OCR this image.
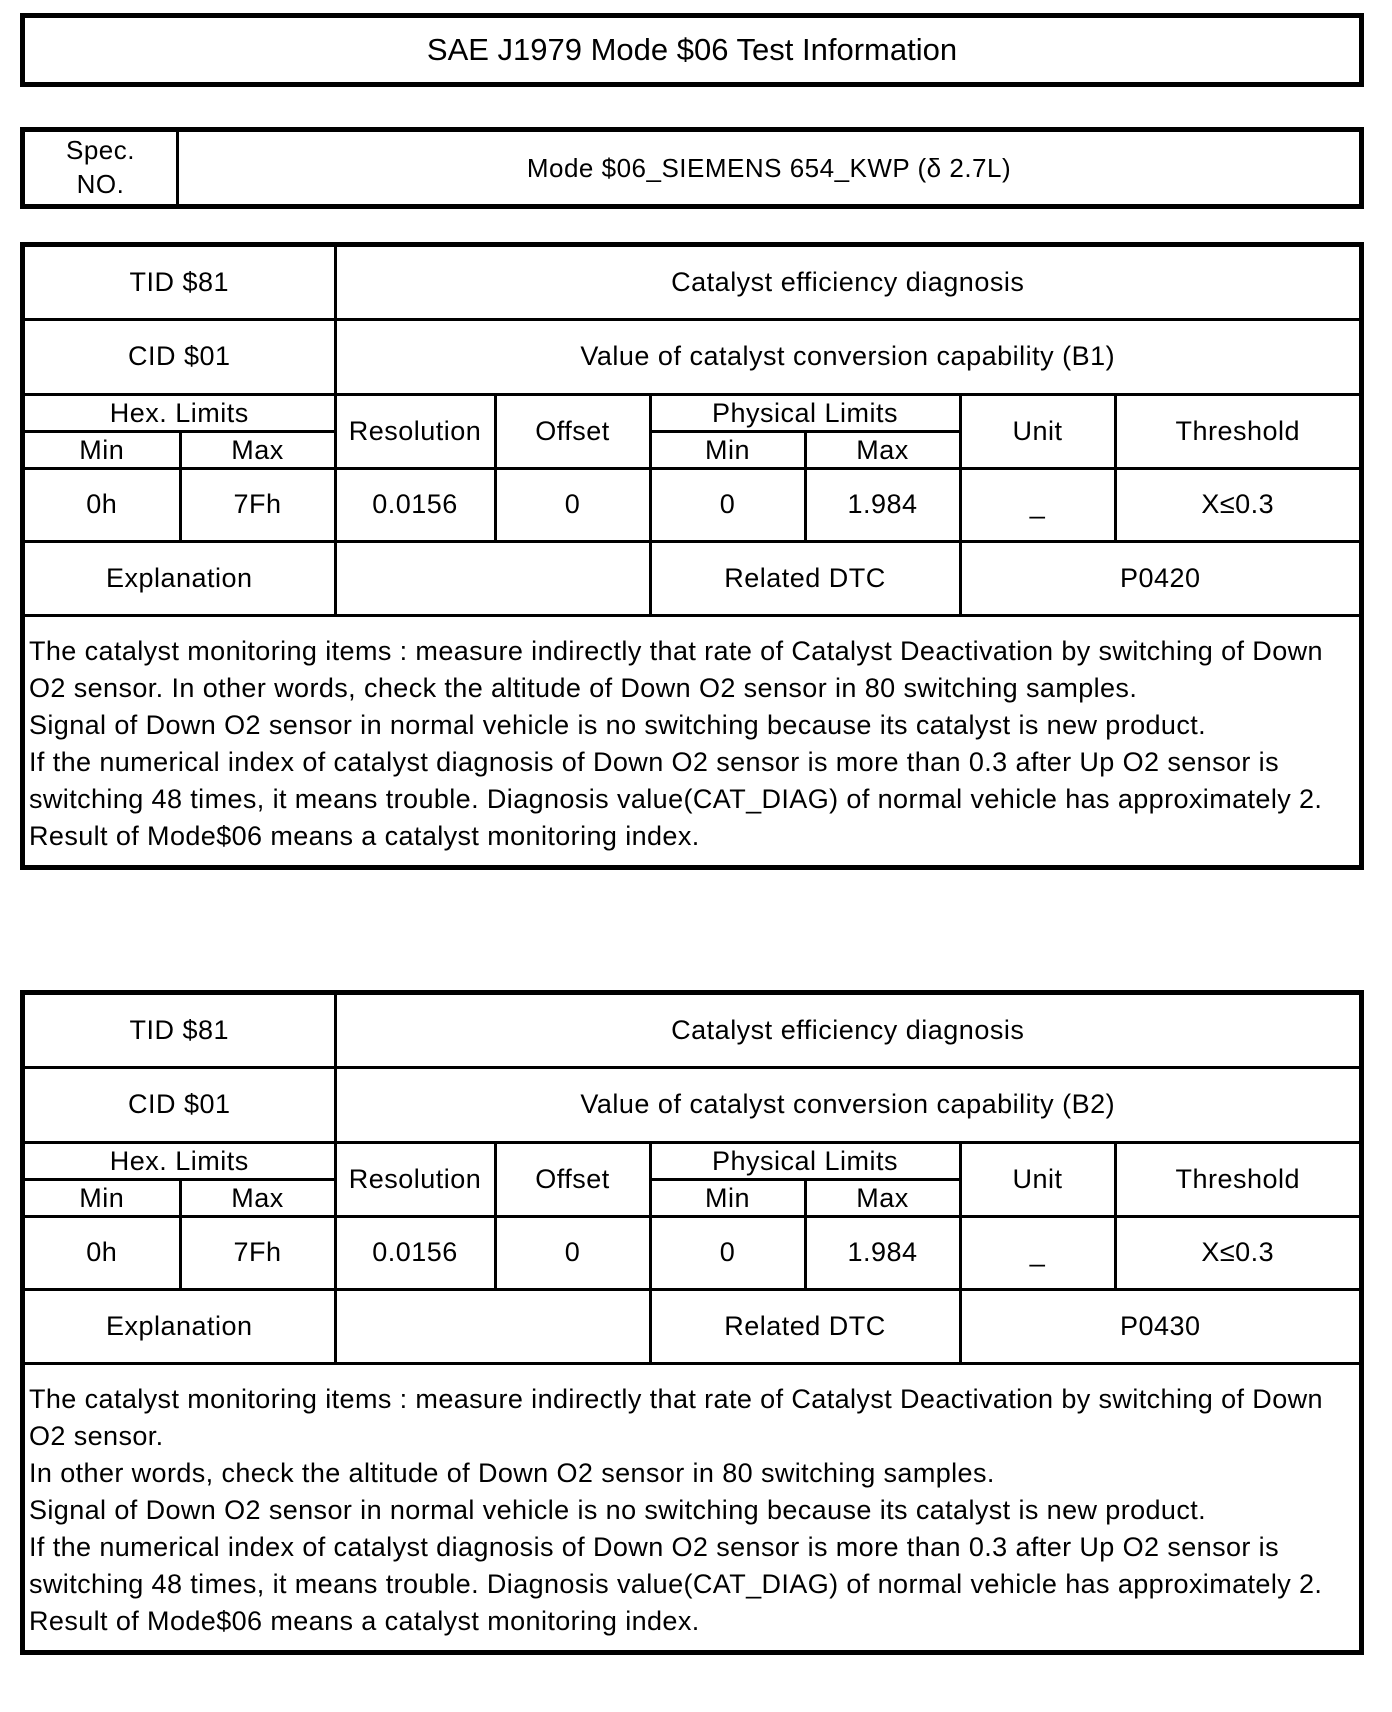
SAE J1979 Mode $06 Test Information
Spec.
NO.
	Mode $06_SIEMENS 654_KWP (δ 2.7L)
TID $81		Catalyst efficiency diagnosis					
CID $01		Value of catalyst conversion capability (B1)					
Hex. Limits		Resolution	Offset	Physical Limits		Unit	Threshold
Min	Max			Min	Max		
0h	7Fh	0.0156	0	0	1.984	_	X≤0.3
Explanation				Related DTC		P0420	

The catalyst monitoring items : measure indirectly that rate of Catalyst Deactivation by switching of Down O2 sensor. In other words, check the altitude of Down O2 sensor in 80 switching samples.

Signal of Down O2 sensor in normal vehicle is no switching because its catalyst is new product.

If the numerical index of catalyst diagnosis of Down O2 sensor is more than 0.3 after Up O2 sensor is switching 48 times, it means trouble. Diagnosis value(CAT_DIAG) of normal vehicle has approximately 2. Result of Mode$06 means a catalyst monitoring index.

TID $81		Catalyst efficiency diagnosis					
CID $01		Value of catalyst conversion capability (B2)					
Hex. Limits		Resolution	Offset	Physical Limits		Unit	Threshold
Min	Max			Min	Max		
0h	7Fh	0.0156	0	0	1.984	_	X≤0.3
Explanation				Related DTC		P0430	

The catalyst monitoring items : measure indirectly that rate of Catalyst Deactivation by switching of Down O2 sensor.

In other words, check the altitude of Down O2 sensor in 80 switching samples.

Signal of Down O2 sensor in normal vehicle is no switching because its catalyst is new product.

If the numerical index of catalyst diagnosis of Down O2 sensor is more than 0.3 after Up O2 sensor is switching 48 times, it means trouble. Diagnosis value(CAT_DIAG) of normal vehicle has approximately 2. Result of Mode$06 means a catalyst monitoring index.
